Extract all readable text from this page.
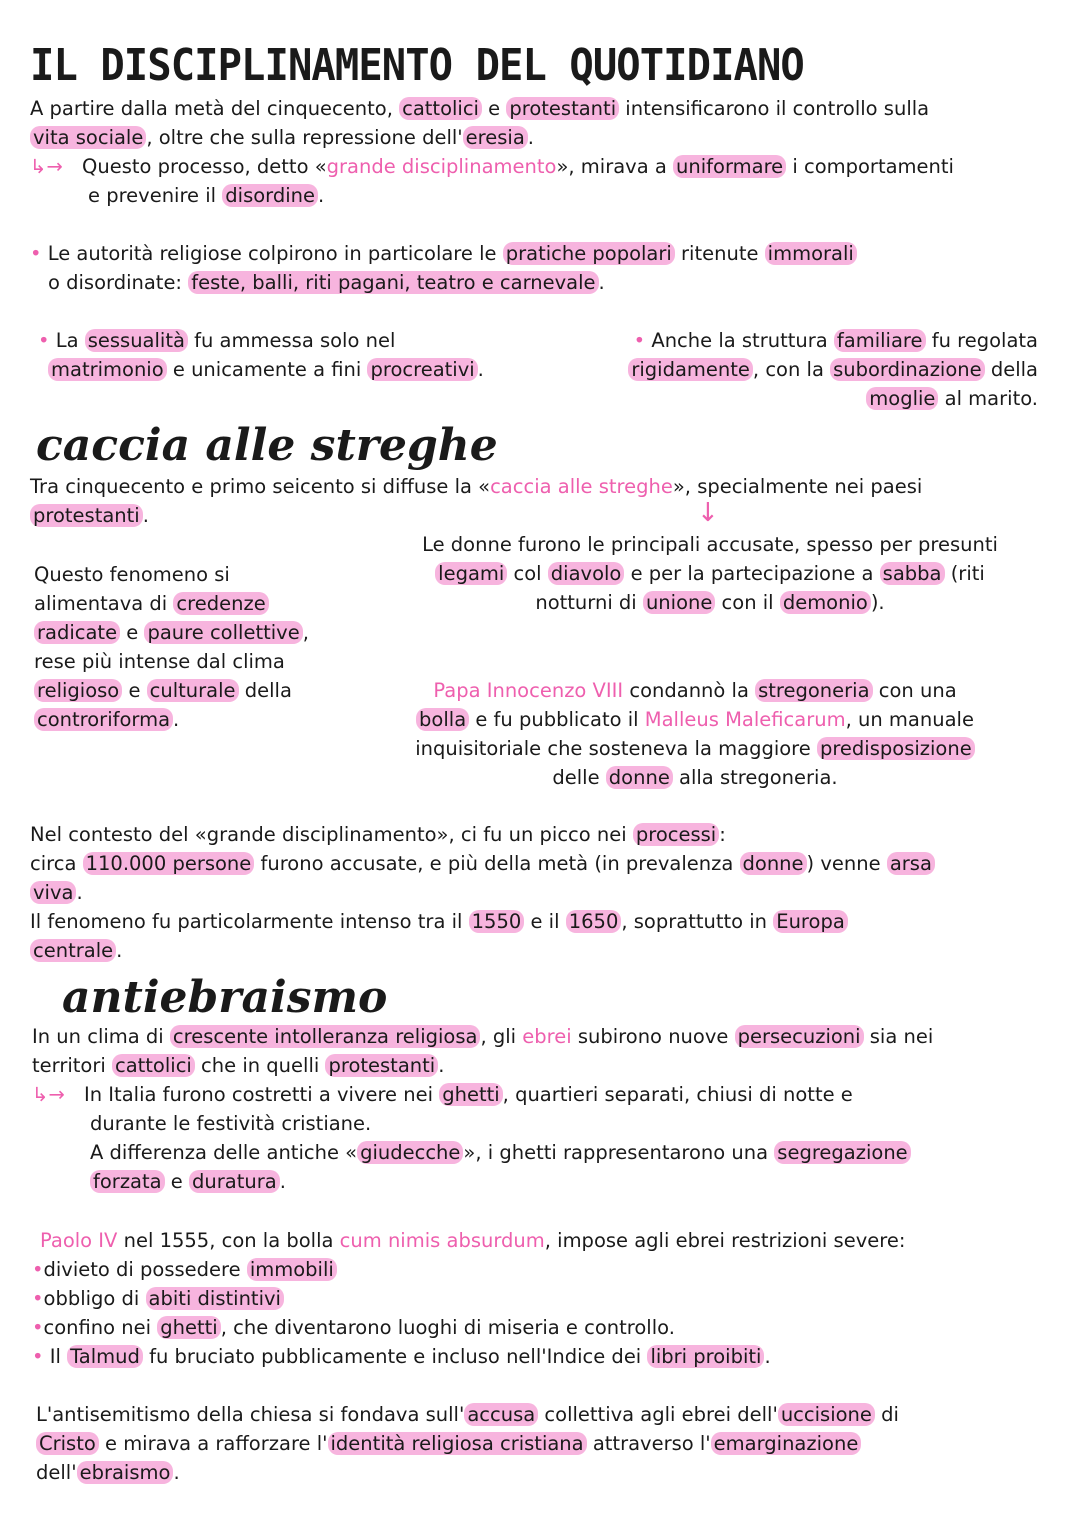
IL DISCIPLINAMENTO DEL QUOTIDIANO
A partire dalla metà del cinquecento, cattolici e protestanti intensificarono il controllo sulla
vita sociale , oltre che sulla repressione dell' eresia .
↳→ Questo processo, detto «grande disciplinamento», mirava a uniformare i comportamenti
e prevenire il disordine .
• Le autorità religiose colpirono in particolare le pratiche popolari ritenute immorali
o disordinate: feste, balli, riti pagani, teatro e carnevale .
• La sessualità fu ammessa solo nel
matrimonio e unicamente a fini procreativi .
• Anche la struttura familiare fu regolata
rigidamente , con la subordinazione della
moglie al marito.
caccia alle streghe
Tra cinquecento e primo seicento si diffuse la «caccia alle streghe», specialmente nei paesi
protestanti .	↓
Le donne furono le principali accusate, spesso per presunti
legami col diavolo e per la partecipazione a sabba (riti
notturni di unione con il demonio ).
Questo fenomeno si
alimentava di credenze
radicate e paure collettive ,
rese più intense dal clima
religioso e culturale della
controriforma .
Papa Innocenzo VIII condannò la stregoneria con una
bolla e fu pubblicato il Malleus Maleficarum, un manuale
inquisitoriale che sosteneva la maggiore predisposizione
delle donne alla stregoneria.
Nel contesto del «grande disciplinamento», ci fu un picco nei processi :
circa 110.000 persone furono accusate, e più della metà (in prevalenza donne ) venne arsa
viva .
Il fenomeno fu particolarmente intenso tra il 1550 e il 1650 , soprattutto in Europa
centrale .
antiebraismo
In un clima di crescente intolleranza religiosa , gli ebrei subirono nuove persecuzioni sia nei
territori cattolici che in quelli protestanti .
↳→ In Italia furono costretti a vivere nei ghetti , quartieri separati, chiusi di notte e
durante le festività cristiane.
A differenza delle antiche « giudecche », i ghetti rappresentarono una segregazione
forzata e duratura .
Paolo IV nel 1555, con la bolla cum nimis absurdum, impose agli ebrei restrizioni severe:
•divieto di possedere immobili
•obbligo di abiti distintivi
•confino nei ghetti , che diventarono luoghi di miseria e controllo.
• Il Talmud fu bruciato pubblicamente e incluso nell'Indice dei libri proibiti .
L'antisemitismo della chiesa si fondava sull' accusa collettiva agli ebrei dell' uccisione di
Cristo e mirava a rafforzare l' identità religiosa cristiana attraverso l' emarginazione
dell' ebraismo .
